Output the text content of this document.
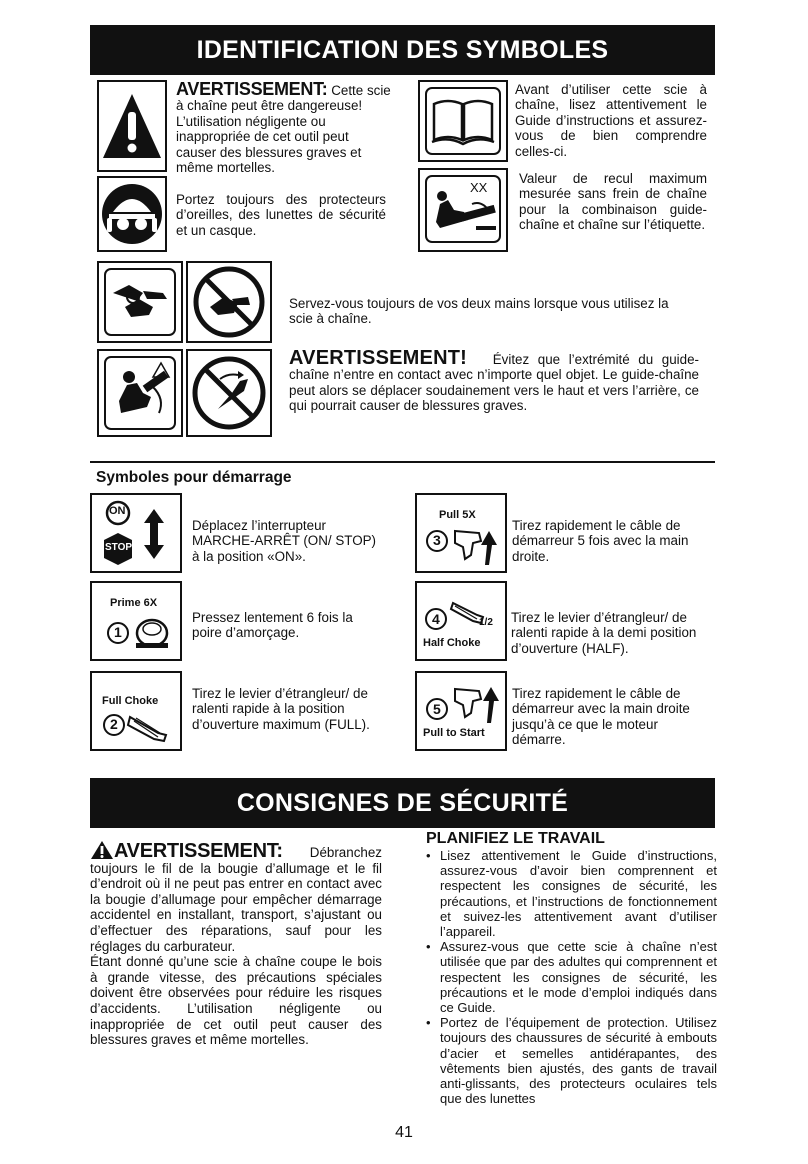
IDENTIFICATION DES SYMBOLES

AVERTISSEMENT: Cette scie à chaîne peut être dangereuse! L’utilisation négligente ou inappropriée de cet outil peut causer des blessures graves et même mortelles.

Portez toujours des protecteurs d’oreilles, des lunettes de sécurité et un casque.

XX

Avant d’utiliser cette scie à chaîne, lisez attentivement le Guide d’instructions et assurez-vous de bien comprendre celles-ci.

Valeur de recul maximum mesurée sans frein de chaîne pour la combinaison guide-chaîne et chaîne sur l’étiquette.

Servez-vous toujours de vos deux mains lorsque vous utilisez la scie à chaîne.

AVERTISSEMENT! Évitez que l’extrémité du guide-chaîne n’entre en contact avec n’importe quel objet. Le guide-chaîne peut alors se déplacer soudainement vers le haut et vers l’arrière, ce qui pourrait causer de blessures graves.

Symboles pour démarrage
ON
STOP

Déplacez l’interrupteur MARCHE-ARRÊT (ON/ STOP) à la position «ON».

Prime 6X
1

Pressez lentement 6 fois la poire d’amorçage.

Full Choke
2

Tirez le levier d’étrangleur/ de ralenti rapide à la position d’ouverture maximum (FULL).

Pull 5X
3

Tirez rapidement le câble de démarreur 5 fois avec la main droite.

4	1/2
Half Choke

Tirez le levier d’étrangleur/ de ralenti rapide à la demi position d’ouverture (HALF).

5
Pull to Start

Tirez rapidement le câble de démarreur avec la main droite jusqu’à ce que le moteur démarre.

CONSIGNES DE SÉCURITÉ

AVERTISSEMENT: Débranchez toujours le fil de la bougie d’allumage et le fil d’endroit où il ne peut pas entrer en contact avec la bougie d’allumage pour empêcher démarrage accidentel en installant, transport, s’ajustant ou d’effectuer des réparations, sauf pour les réglages du carburateur.

Étant donné qu’une scie à chaîne coupe le bois à grande vitesse, des précautions spéciales doivent être observées pour réduire les risques d’accidents. L’utilisation négligente ou inappropriée de cet outil peut causer des blessures graves et même mortelles.

PLANIFIEZ LE TRAVAIL
• Lisez attentivement le Guide d’instructions, assurez-vous d’avoir bien comprennent et respectent les consignes de sécurité, les précautions, et l’instructions de fonctionnement et suivez-les attentivement avant d’utiliser l’appareil.
• Assurez-vous que cette scie à chaîne n’est utilisée que par des adultes qui comprennent et respectent les consignes de sécurité, les précautions et le mode d’emploi indiqués dans ce Guide.
• Portez de l’équipement de protection. Utilisez toujours des chaussures de sécurité à embouts d’acier et semelles antidérapantes, des vêtements bien ajustés, des gants de travail anti-glissants, des protecteurs oculaires tels que des lunettes
41
